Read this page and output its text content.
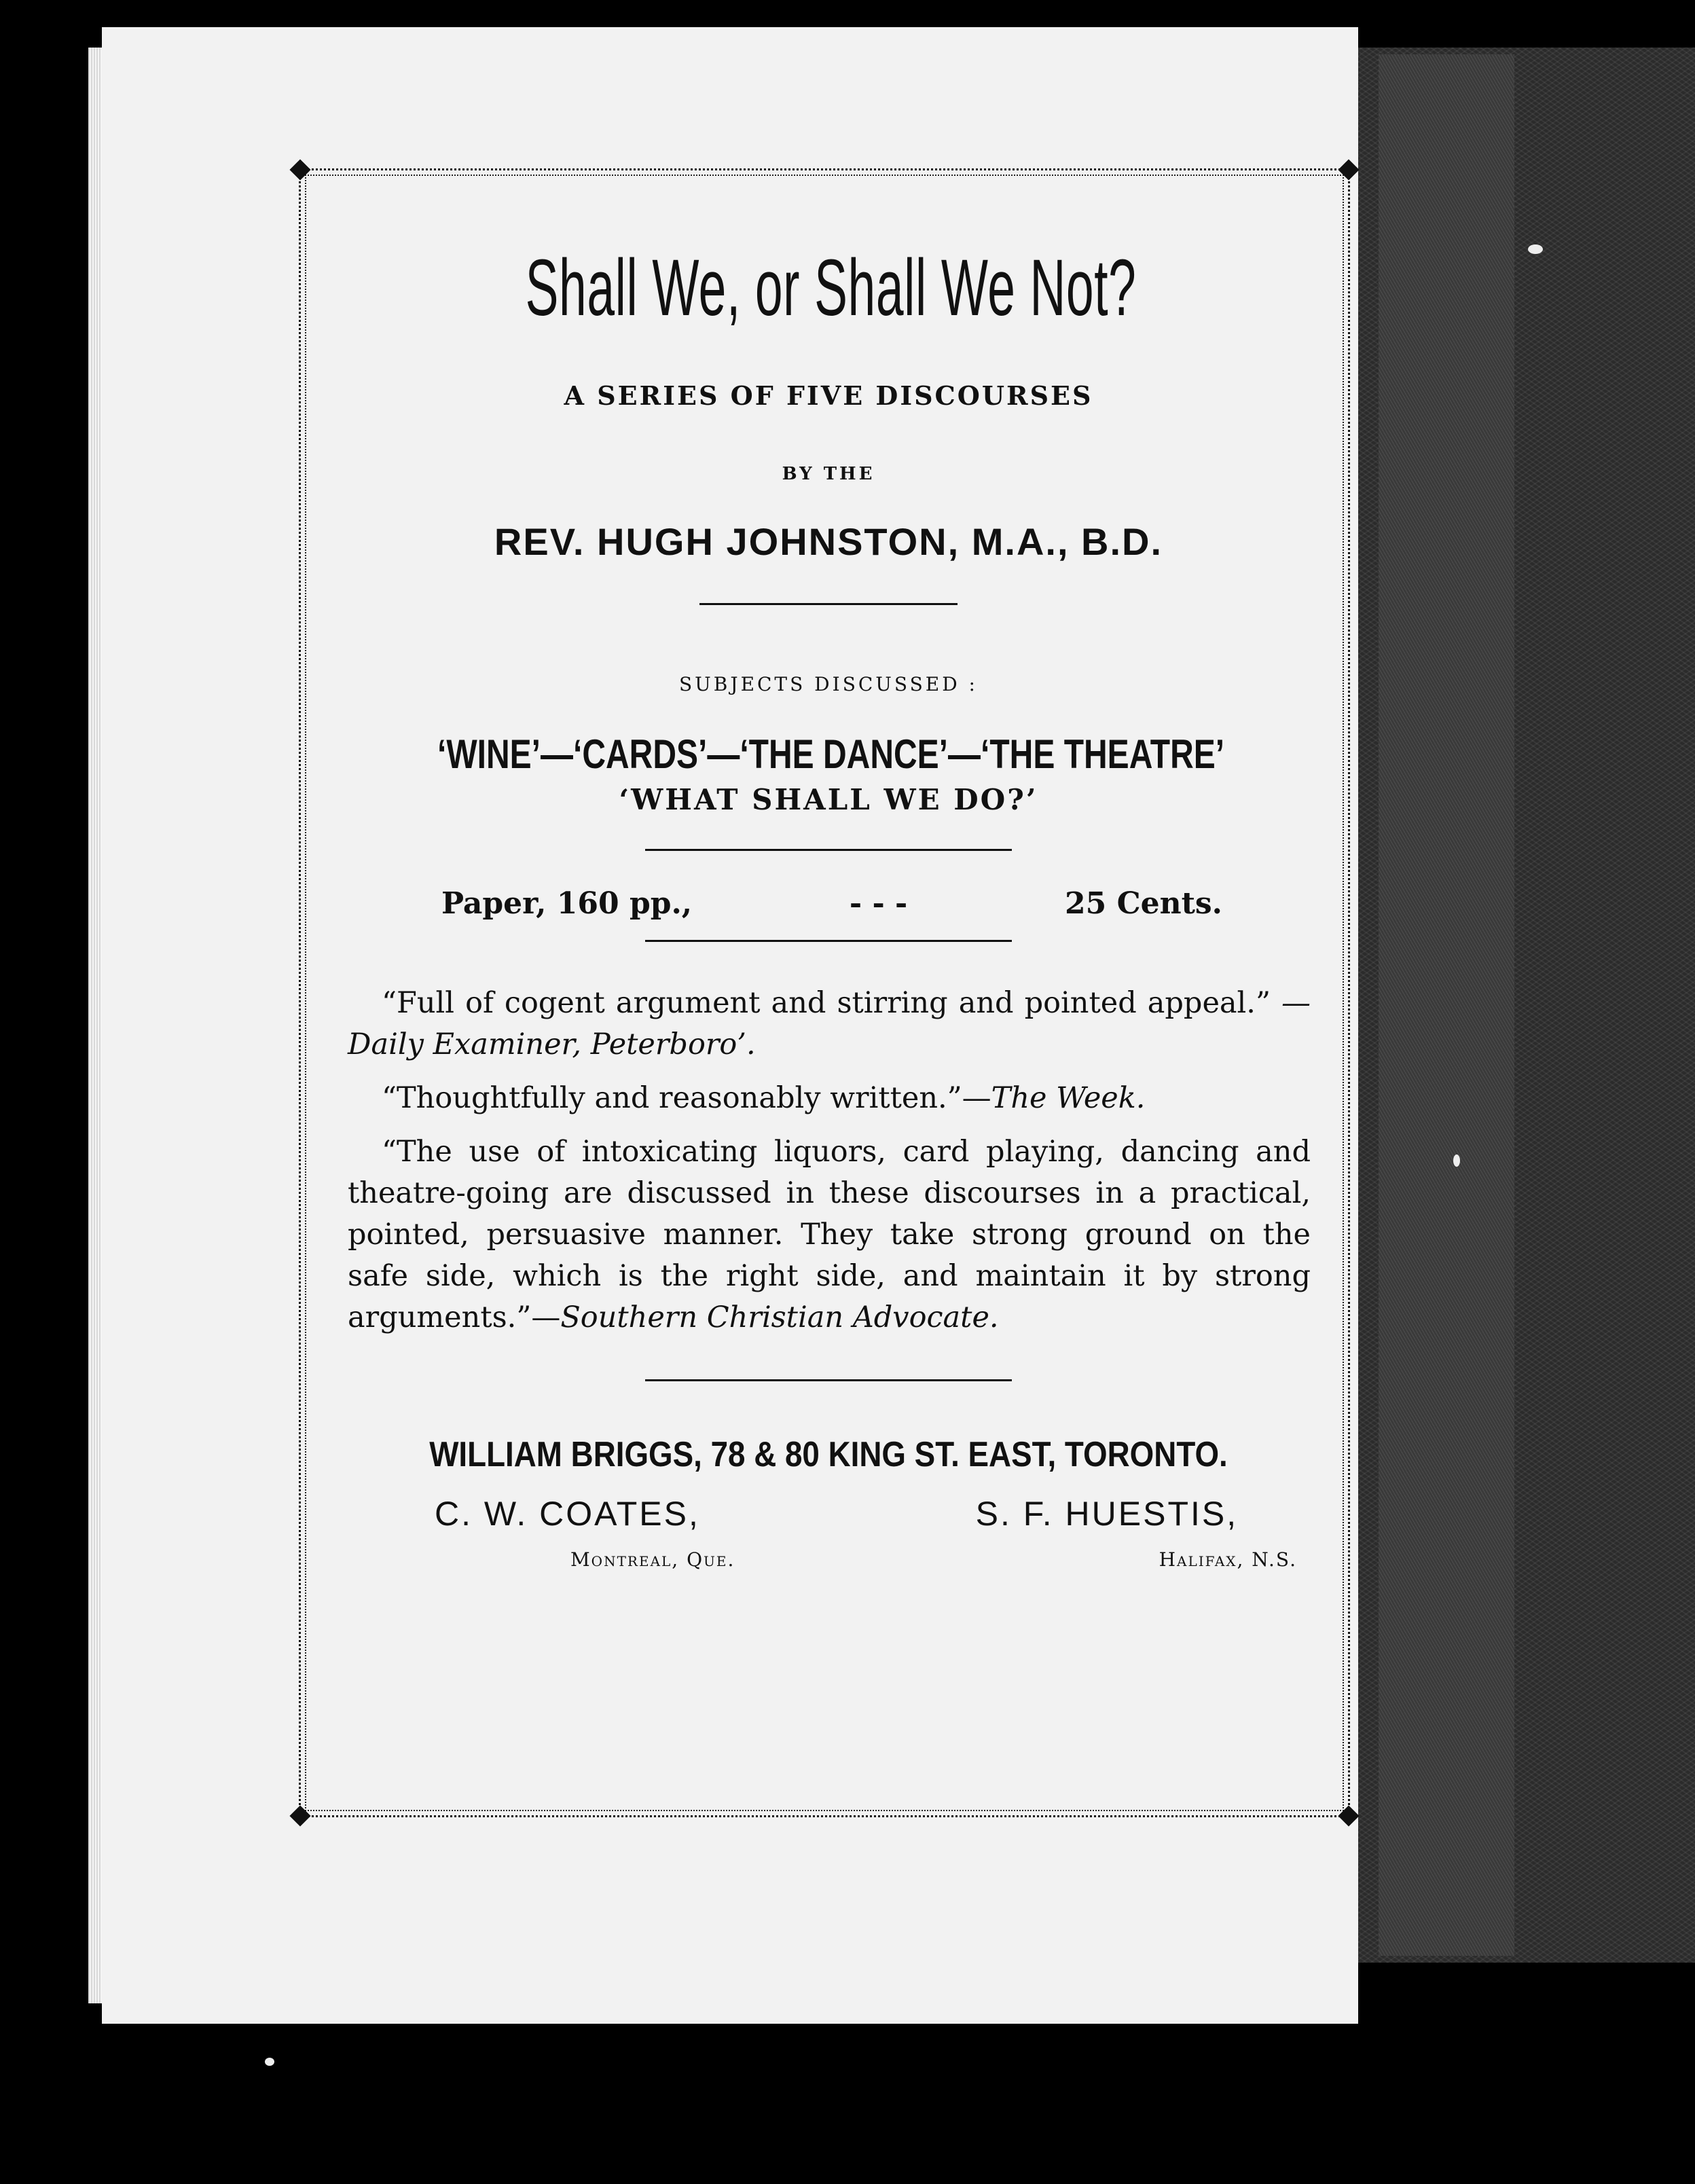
Shall We, or Shall We Not?
A SERIES OF FIVE DISCOURSES
BY THE
REV. HUGH JOHNSTON, M.A., B.D.
SUBJECTS DISCUSSED :
‘WINE’—‘CARDS’—‘THE DANCE’—‘THE THEATRE’
‘WHAT SHALL WE DO?’
Paper, 160 pp.,	- - -	25 Cents.

“Full of cogent argument and stirring and pointed appeal.” —Daily Examiner, Peterboro’.

“Thoughtfully and reasonably written.”—The Week.

“The use of intoxicating liquors, card playing, dancing and theatre-going are discussed in these discourses in a practical, pointed, persuasive manner. They take strong ground on the safe side, which is the right side, and maintain it by strong arguments.”—Southern Christian Advocate.

WILLIAM BRIGGS, 78 & 80 KING ST. EAST, TORONTO.
C. W. COATES,
Montreal, Que.
S. F. HUESTIS,
Halifax, N.S.
